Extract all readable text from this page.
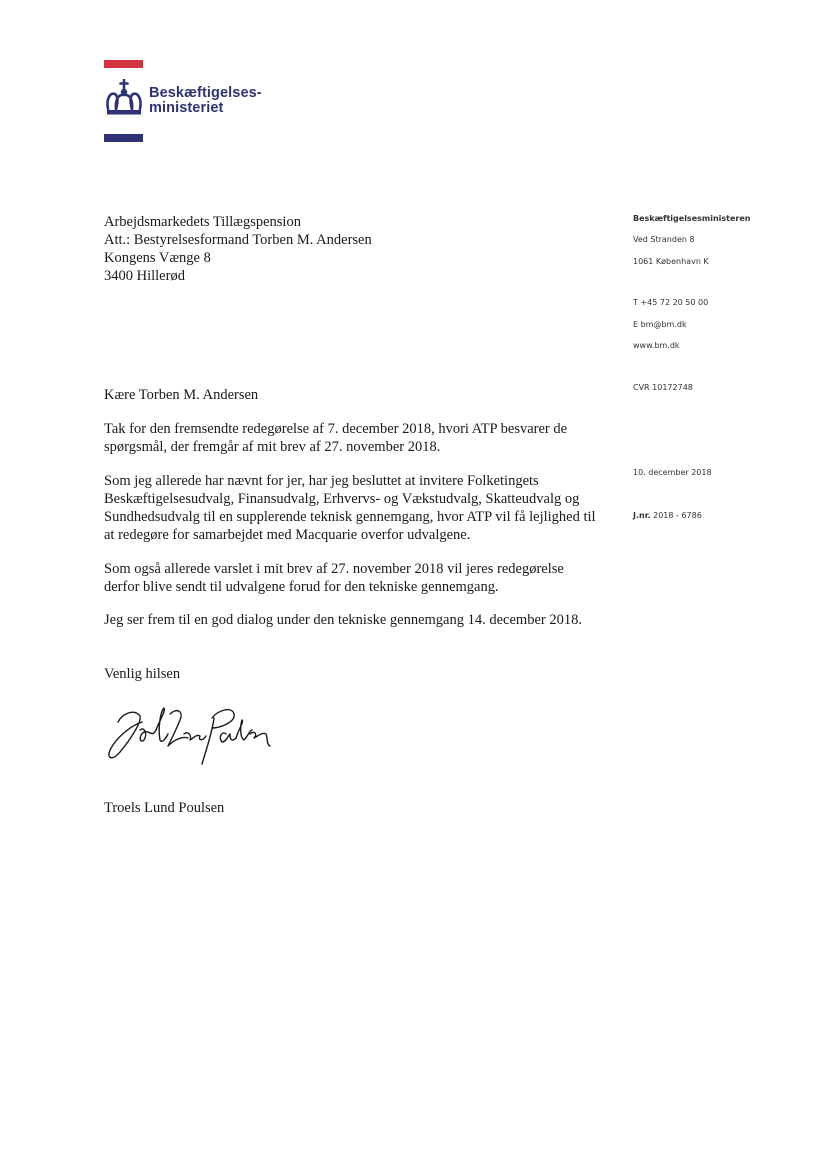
Beskæftigelses-
ministeriet
Arbejdsmarkedets Tillægspension
Att.: Bestyrelsesformand Torben M. Andersen
Kongens Vænge 8
3400 Hillerød
Beskæftigelsesministeren
Ved Stranden 8
1061 København K
T +45 72 20 50 00
E bm@bm.dk
www.bm.dk
CVR 10172748
10. december 2018
J.nr. 2018 - 6786

Kære Torben M. Andersen

Tak for den fremsendte redegørelse af 7. december 2018, hvori ATP besvarer de spørgsmål, der fremgår af mit brev af 27. november 2018.

Som jeg allerede har nævnt for jer, har jeg besluttet at invitere Folketingets Beskæftigelsesudvalg, Finansudvalg, Erhvervs- og Vækstudvalg, Skatteudvalg og Sundhedsudvalg til en supplerende teknisk gennemgang, hvor ATP vil få lejlighed til at redegøre for samarbejdet med Macquarie overfor udvalgene.

Som også allerede varslet i mit brev af 27. november 2018 vil jeres redegørelse derfor blive sendt til udvalgene forud for den tekniske gennemgang.

Jeg ser frem til en god dialog under den tekniske gennemgang 14. december 2018.

Venlig hilsen

Troels Lund Poulsen
